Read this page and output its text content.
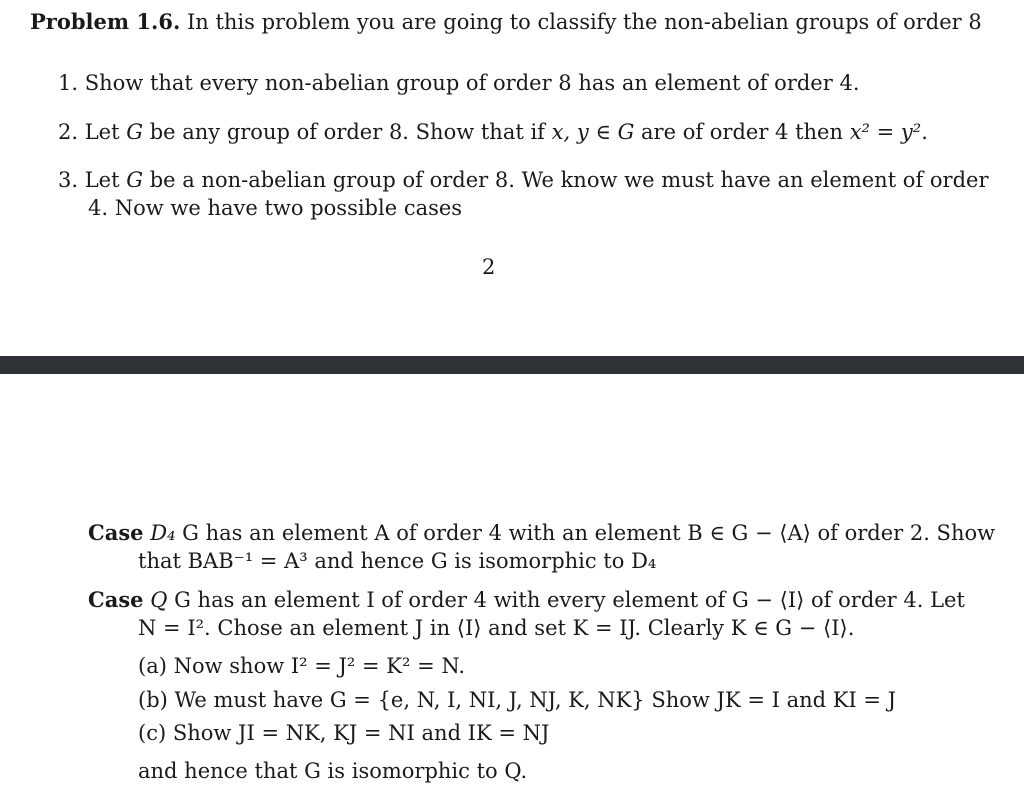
Problem 1.6. In this problem you are going to classify the non-abelian groups of order 8
1. Show that every non-abelian group of order 8 has an element of order 4.
2. Let G be any group of order 8. Show that if x, y ∈ G are of order 4 then x² = y².
3. Let G be a non-abelian group of order 8. We know we must have an element of order
4. Now we have two possible cases
2
Case D₄ G has an element A of order 4 with an element B ∈ G − ⟨A⟩ of order 2. Show
that BAB⁻¹ = A³ and hence G is isomorphic to D₄
Case Q G has an element I of order 4 with every element of G − ⟨I⟩ of order 4. Let
N = I². Chose an element J in ⟨I⟩ and set K = IJ. Clearly K ∈ G − ⟨I⟩.
(a) Now show I² = J² = K² = N.
(b) We must have G = {e, N, I, NI, J, NJ, K, NK} Show JK = I and KI = J
(c) Show JI = NK, KJ = NI and IK = NJ
and hence that G is isomorphic to Q.
